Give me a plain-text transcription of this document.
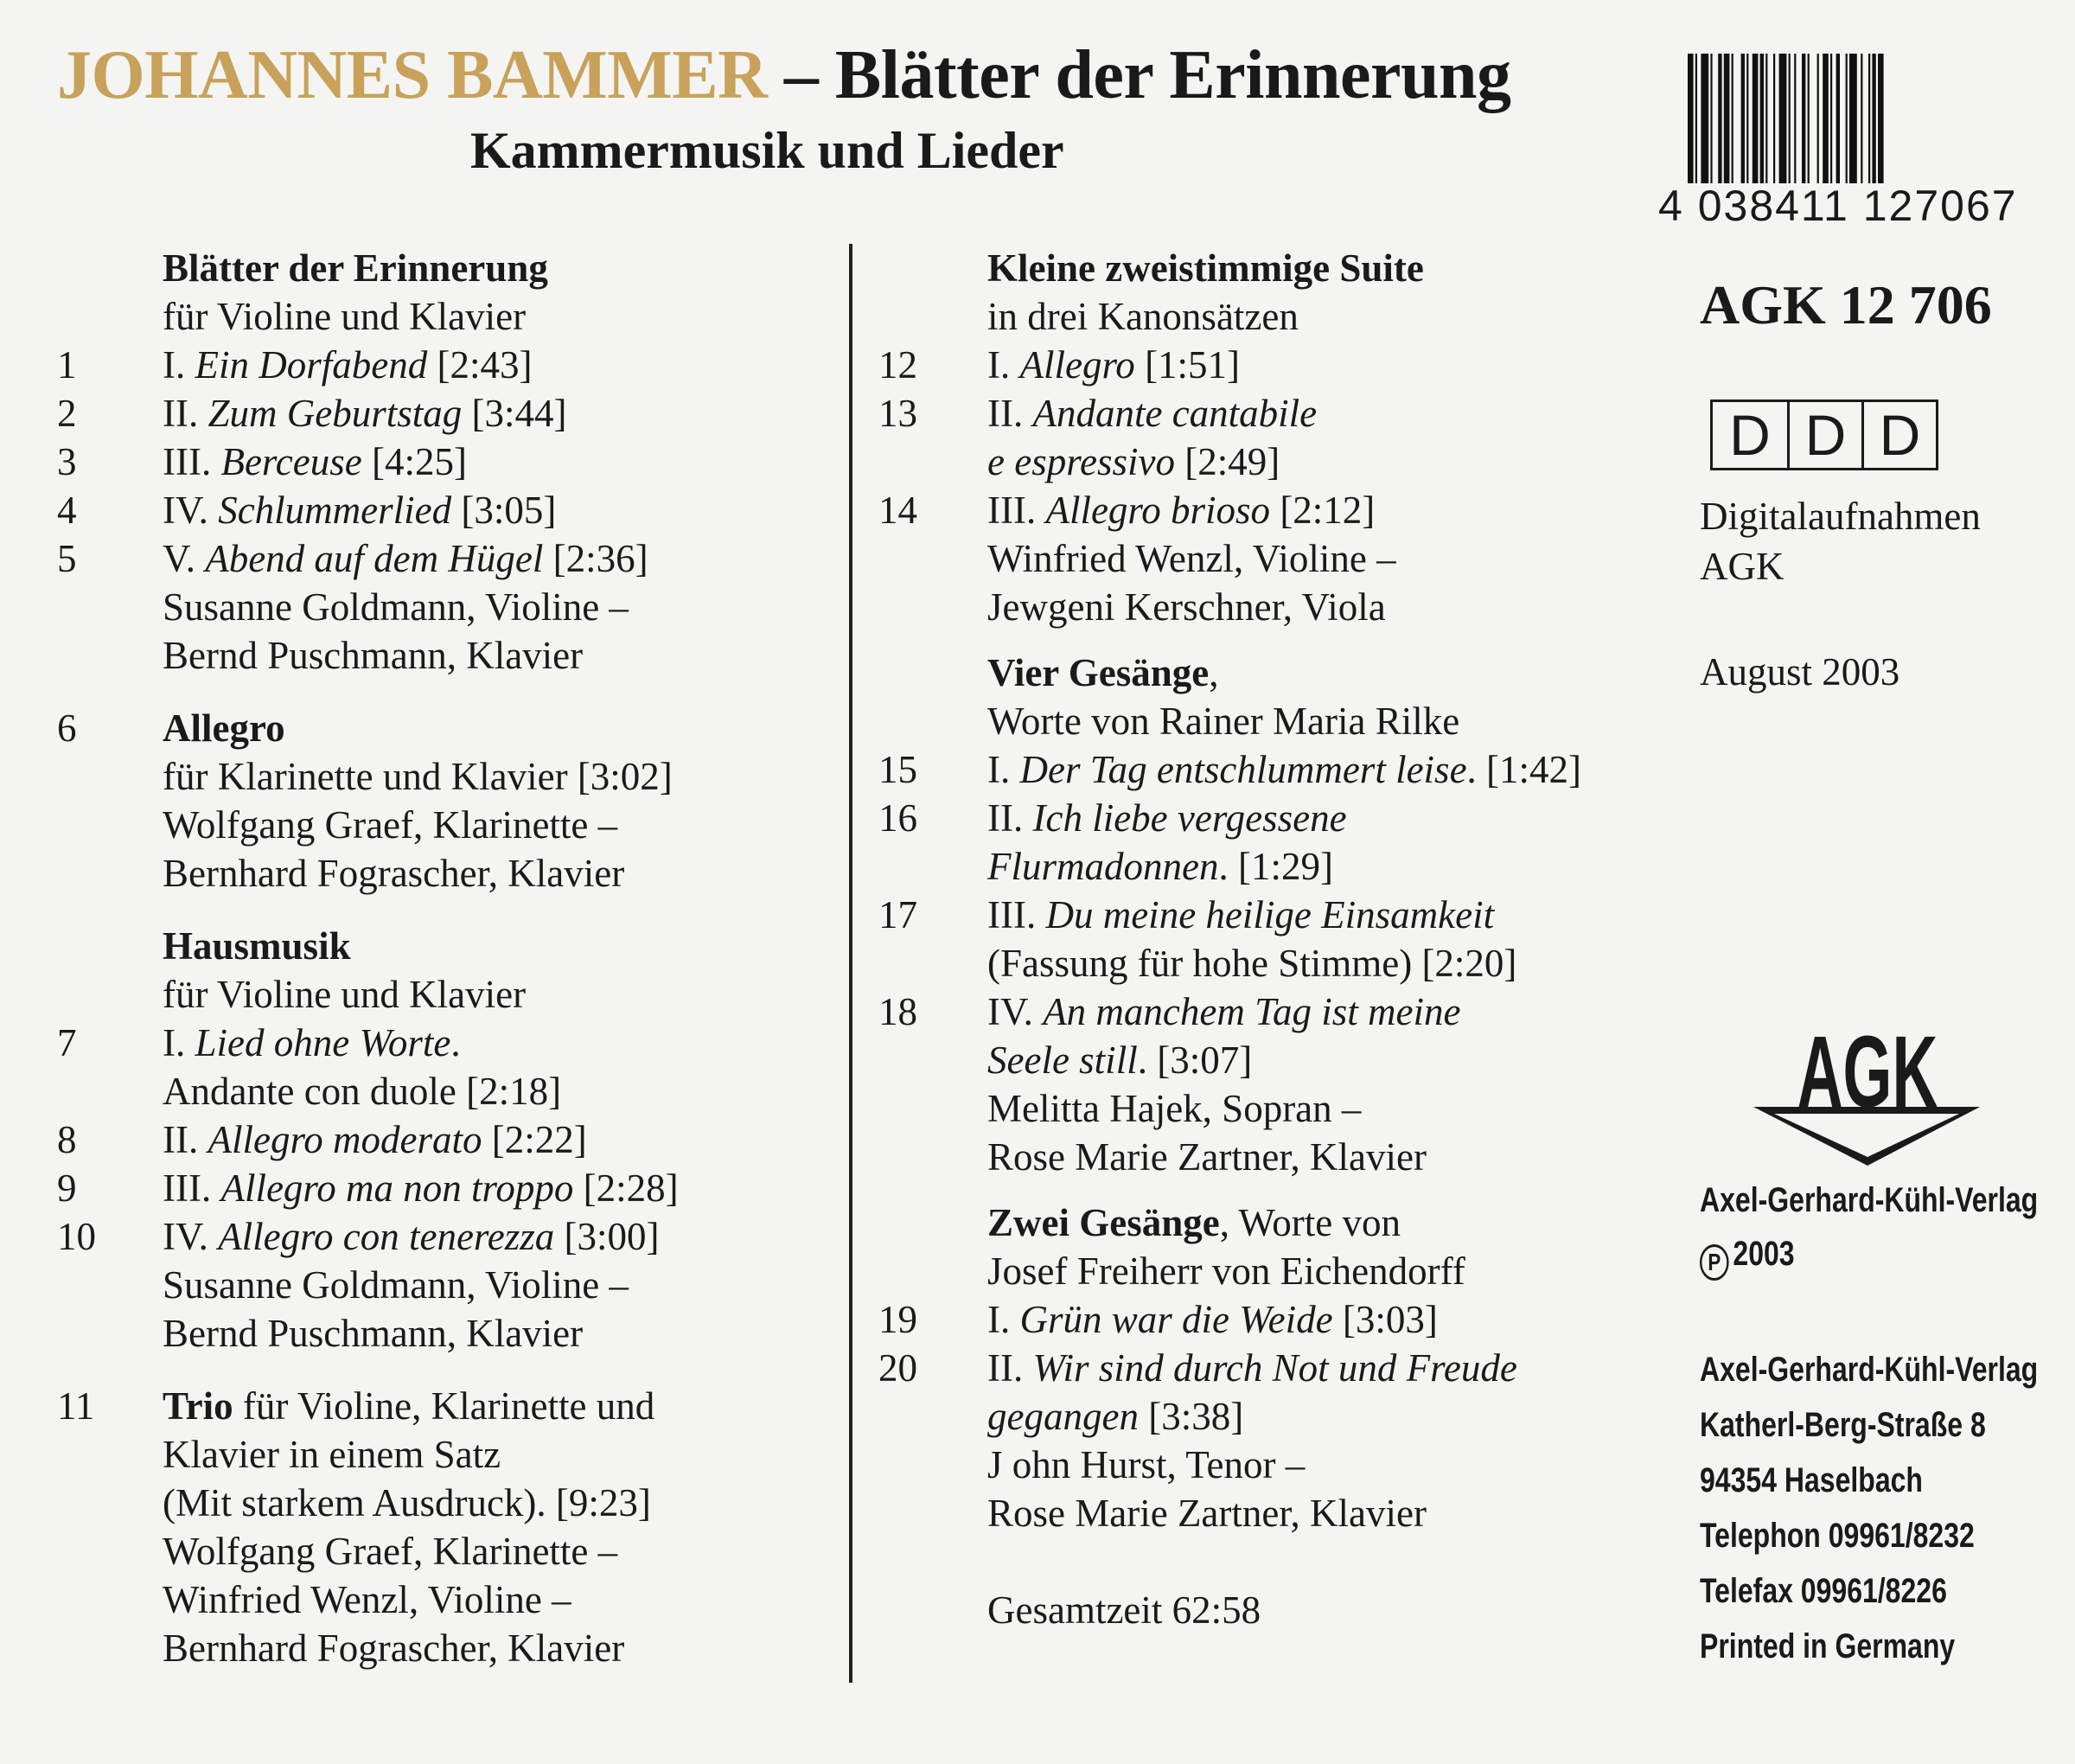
JOHANNES BAMMER – Blätter der Erinnerung
Kammermusik und Lieder
Blätter der Erinnerung
für Violine und Klavier
1	I. Ein Dorfabend [2:43]
2	II. Zum Geburtstag [3:44]
3	III. Berceuse [4:25]
4	IV. Schlummerlied [3:05]
5	V. Abend auf dem Hügel [2:36]
Susanne Goldmann, Violine –
Bernd Puschmann, Klavier
6	Allegro
für Klarinette und Klavier [3:02]
Wolfgang Graef, Klarinette –
Bernhard Fograscher, Klavier
Hausmusik
für Violine und Klavier
7	I. Lied ohne Worte.
Andante con duole [2:18]
8	II. Allegro moderato [2:22]
9	III. Allegro ma non troppo [2:28]
10	IV. Allegro con tenerezza [3:00]
Susanne Goldmann, Violine –
Bernd Puschmann, Klavier
11	Trio für Violine, Klarinette und
Klavier in einem Satz
(Mit starkem Ausdruck). [9:23]
Wolfgang Graef, Klarinette –
Winfried Wenzl, Violine –
Bernhard Fograscher, Klavier
Kleine zweistimmige Suite
in drei Kanonsätzen
12	I. Allegro [1:51]
13	II. Andante cantabile
e espressivo [2:49]
14	III. Allegro brioso [2:12]
Winfried Wenzl, Violine –
Jewgeni Kerschner, Viola
Vier Gesänge,
Worte von Rainer Maria Rilke
15	I. Der Tag entschlummert leise. [1:42]
16	II. Ich liebe vergessene
Flurmadonnen. [1:29]
17	III. Du meine heilige Einsamkeit
(Fassung für hohe Stimme) [2:20]
18	IV. An manchem Tag ist meine
Seele still. [3:07]
Melitta Hajek, Sopran –
Rose Marie Zartner, Klavier
Zwei Gesänge, Worte von
Josef Freiherr von Eichendorff
19	I. Grün war die Weide [3:03]
20	II. Wir sind durch Not und Freude
gegangen [3:38]
J ohn Hurst, Tenor –
Rose Marie Zartner, Klavier
Gesamtzeit 62:58
4 038411 127067
AGK 12 706
D D D
Digitalaufnahmen
AGK
August 2003
AGK
Axel-Gerhard-Kühl-Verlag
P 2003
Axel-Gerhard-Kühl-Verlag
Katherl-Berg-Straße 8
94354 Haselbach
Telephon 09961/8232
Telefax 09961/8226
Printed in Germany
